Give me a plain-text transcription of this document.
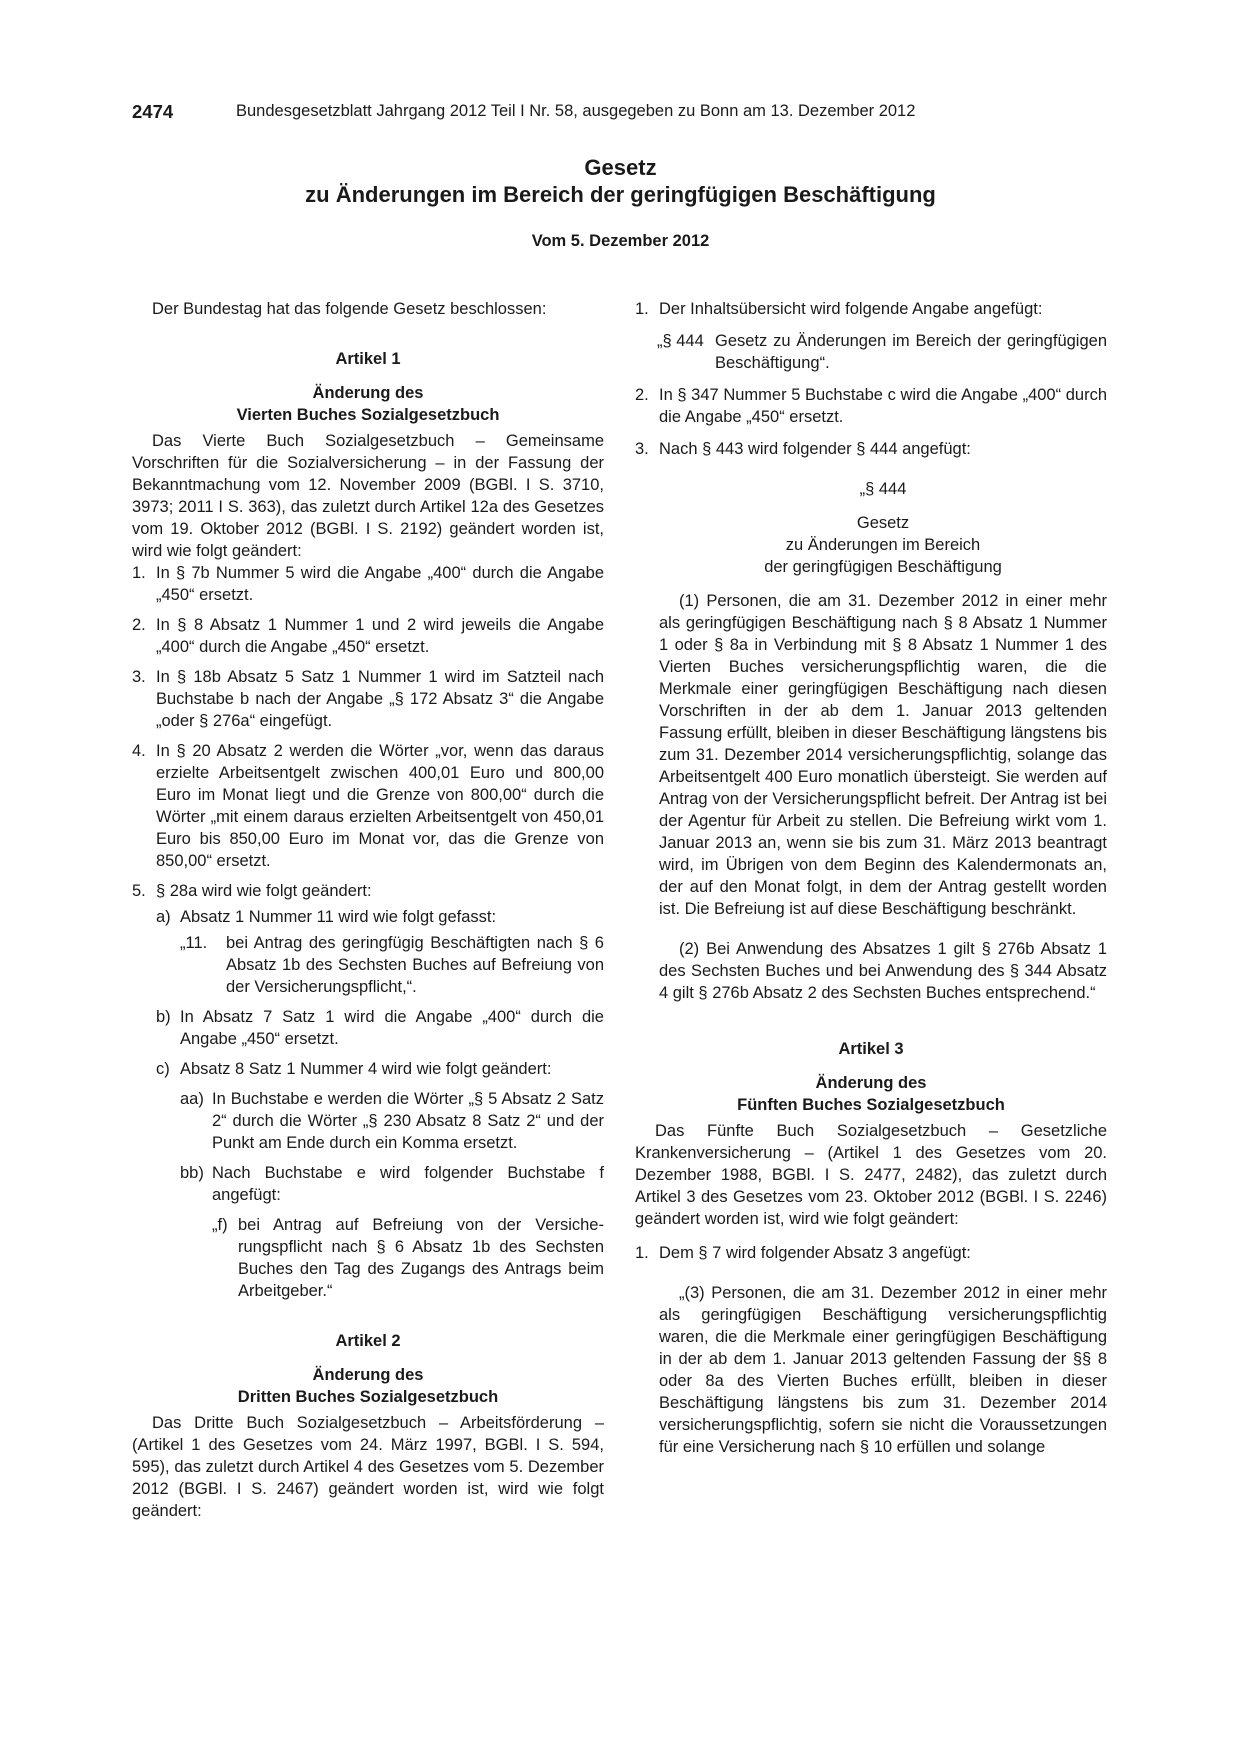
2474	Bundesgesetzblatt Jahrgang 2012 Teil I Nr. 58, ausgegeben zu Bonn am 13. Dezember 2012
Gesetz
zu Änderungen im Bereich der geringfügigen Beschäftigung
Vom 5. Dezember 2012

Der Bundestag hat das folgende Gesetz beschlossen:

Artikel 1
Änderung des
Vierten Buches Sozialgesetzbuch

Das Vierte Buch Sozialgesetzbuch – Gemeinsame Vorschriften für die Sozialversicherung – in der Fassung der Bekanntmachung vom 12. November 2009 (BGBl. I S. 3710, 3973; 2011 I S. 363), das zuletzt durch Artikel 12a des Gesetzes vom 19. Oktober 2012 (BGBl. I S. 2192) geändert worden ist, wird wie folgt geändert:

1. In § 7b Nummer 5 wird die Angabe „400“ durch die Angabe „450“ ersetzt.
2. In § 8 Absatz 1 Nummer 1 und 2 wird jeweils die Angabe „400“ durch die Angabe „450“ ersetzt.
3. In § 18b Absatz 5 Satz 1 Nummer 1 wird im Satzteil nach Buchstabe b nach der Angabe „§ 172 Absatz 3“ die Angabe „oder § 276a“ eingefügt.
4. In § 20 Absatz 2 werden die Wörter „vor, wenn das daraus erzielte Arbeitsentgelt zwischen 400,01 Euro und 800,00 Euro im Monat liegt und die Grenze von 800,00“ durch die Wörter „mit einem daraus erzielten Arbeitsentgelt von 450,01 Euro bis 850,00 Euro im Monat vor, das die Grenze von 850,00“ ersetzt.
5. § 28a wird wie folgt geändert:
a) Absatz 1 Nummer 11 wird wie folgt gefasst:
„11.	bei Antrag des geringfügig Beschäftigten nach § 6 Absatz 1b des Sechsten Buches auf Befreiung von der Versicherungspflicht,“.
b) In Absatz 7 Satz 1 wird die Angabe „400“ durch die Angabe „450“ ersetzt.
c) Absatz 8 Satz 1 Nummer 4 wird wie folgt geändert:
aa) In Buchstabe e werden die Wörter „§ 5 Absatz 2 Satz 2“ durch die Wörter „§ 230 Absatz 8 Satz 2“ und der Punkt am Ende durch ein Komma ersetzt.
bb) Nach Buchstabe e wird folgender Buchstabe f angefügt:
„f) bei Antrag auf Befreiung von der Versicherungspflicht nach § 6 Absatz 1b des Sechsten Buches den Tag des Zugangs des Antrags beim Arbeitgeber.“
Artikel 2
Änderung des
Dritten Buches Sozialgesetzbuch

Das Dritte Buch Sozialgesetzbuch – Arbeitsförderung – (Artikel 1 des Gesetzes vom 24. März 1997, BGBl. I S. 594, 595), das zuletzt durch Artikel 4 des Gesetzes vom 5. Dezember 2012 (BGBl. I S. 2467) geändert worden ist, wird wie folgt geändert:

1. Der Inhaltsübersicht wird folgende Angabe angefügt:
„§ 444 Gesetz zu Änderungen im Bereich der geringfügigen Beschäftigung“.
2. In § 347 Nummer 5 Buchstabe c wird die Angabe „400“ durch die Angabe „450“ ersetzt.
3. Nach § 443 wird folgender § 444 angefügt:
„§ 444
Gesetz
zu Änderungen im Bereich
der geringfügigen Beschäftigung

(1) Personen, die am 31. Dezember 2012 in einer mehr als geringfügigen Beschäftigung nach § 8 Absatz 1 Nummer 1 oder § 8a in Verbindung mit § 8 Absatz 1 Nummer 1 des Vierten Buches versicherungspflichtig waren, die die Merkmale einer geringfügigen Beschäftigung nach diesen Vorschriften in der ab dem 1. Januar 2013 geltenden Fassung erfüllt, bleiben in dieser Beschäftigung längstens bis zum 31. Dezember 2014 versicherungspflichtig, solange das Arbeitsentgelt 400 Euro monatlich übersteigt. Sie werden auf Antrag von der Versicherungspflicht befreit. Der Antrag ist bei der Agentur für Arbeit zu stellen. Die Befreiung wirkt vom 1. Januar 2013 an, wenn sie bis zum 31. März 2013 beantragt wird, im Übrigen von dem Beginn des Kalendermonats an, der auf den Monat folgt, in dem der Antrag gestellt worden ist. Die Befreiung ist auf diese Beschäftigung beschränkt.

(2) Bei Anwendung des Absatzes 1 gilt § 276b Absatz 1 des Sechsten Buches und bei Anwendung des § 344 Absatz 4 gilt § 276b Absatz 2 des Sechsten Buches entsprechend.“

Artikel 3
Änderung des
Fünften Buches Sozialgesetzbuch

Das Fünfte Buch Sozialgesetzbuch – Gesetzliche Krankenversicherung – (Artikel 1 des Gesetzes vom 20. Dezember 1988, BGBl. I S. 2477, 2482), das zuletzt durch Artikel 3 des Gesetzes vom 23. Oktober 2012 (BGBl. I S. 2246) geändert worden ist, wird wie folgt geändert:

1. Dem § 7 wird folgender Absatz 3 angefügt:

„(3) Personen, die am 31. Dezember 2012 in einer mehr als geringfügigen Beschäftigung versicherungspflichtig waren, die die Merkmale einer geringfügigen Beschäftigung in der ab dem 1. Januar 2013 geltenden Fassung der §§ 8 oder 8a des Vierten Buches erfüllt, bleiben in dieser Beschäftigung längstens bis zum 31. Dezember 2014 versicherungspflichtig, sofern sie nicht die Voraussetzungen für eine Versicherung nach § 10 erfüllen und solange
